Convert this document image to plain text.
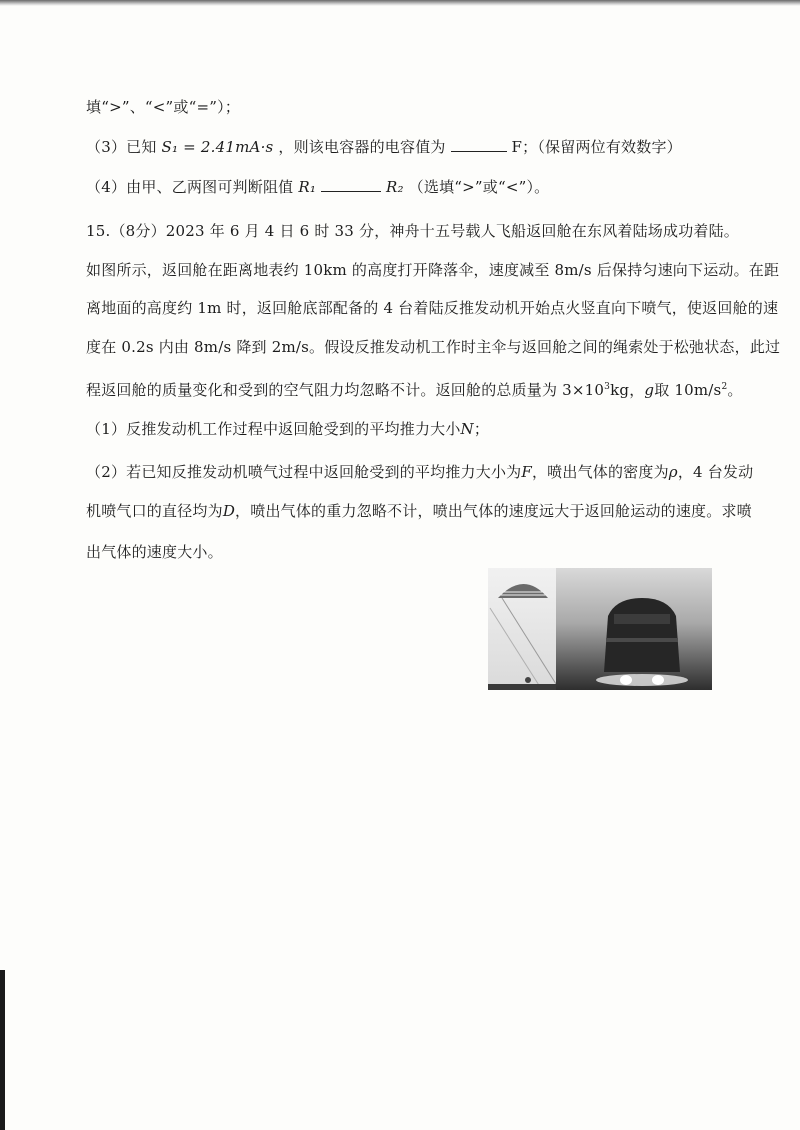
填“>”、“<”或“=”）；
（3）已知 S₁ = 2.41mA·s ，则该电容器的电容值为	F；（保留两位有效数字）
（4）由甲、乙两图可判断阻值 R₁	R₂ （选填“>”或“<”）。
15.（8分）2023 年 6 月 4 日 6 时 33 分，神舟十五号载人飞船返回舱在东风着陆场成功着陆。
如图所示，返回舱在距离地表约 10km 的高度打开降落伞，速度减至 8m/s 后保持匀速向下运动。在距
离地面的高度约 1m 时，返回舱底部配备的 4 台着陆反推发动机开始点火竖直向下喷气，使返回舱的速
度在 0.2s 内由 8m/s 降到 2m/s。假设反推发动机工作时主伞与返回舱之间的绳索处于松弛状态，此过
程返回舱的质量变化和受到的空气阻力均忽略不计。返回舱的总质量为 $3\times 10^3kg$，g取 $10m/s^2$。
（1）反推发动机工作过程中返回舱受到的平均推力大小N；
（2）若已知反推发动机喷气过程中返回舱受到的平均推力大小为F，喷出气体的密度为ρ，4 台发动
机喷气口的直径均为D，喷出气体的重力忽略不计，喷出气体的速度远大于返回舱运动的速度。求喷
出气体的速度大小。
